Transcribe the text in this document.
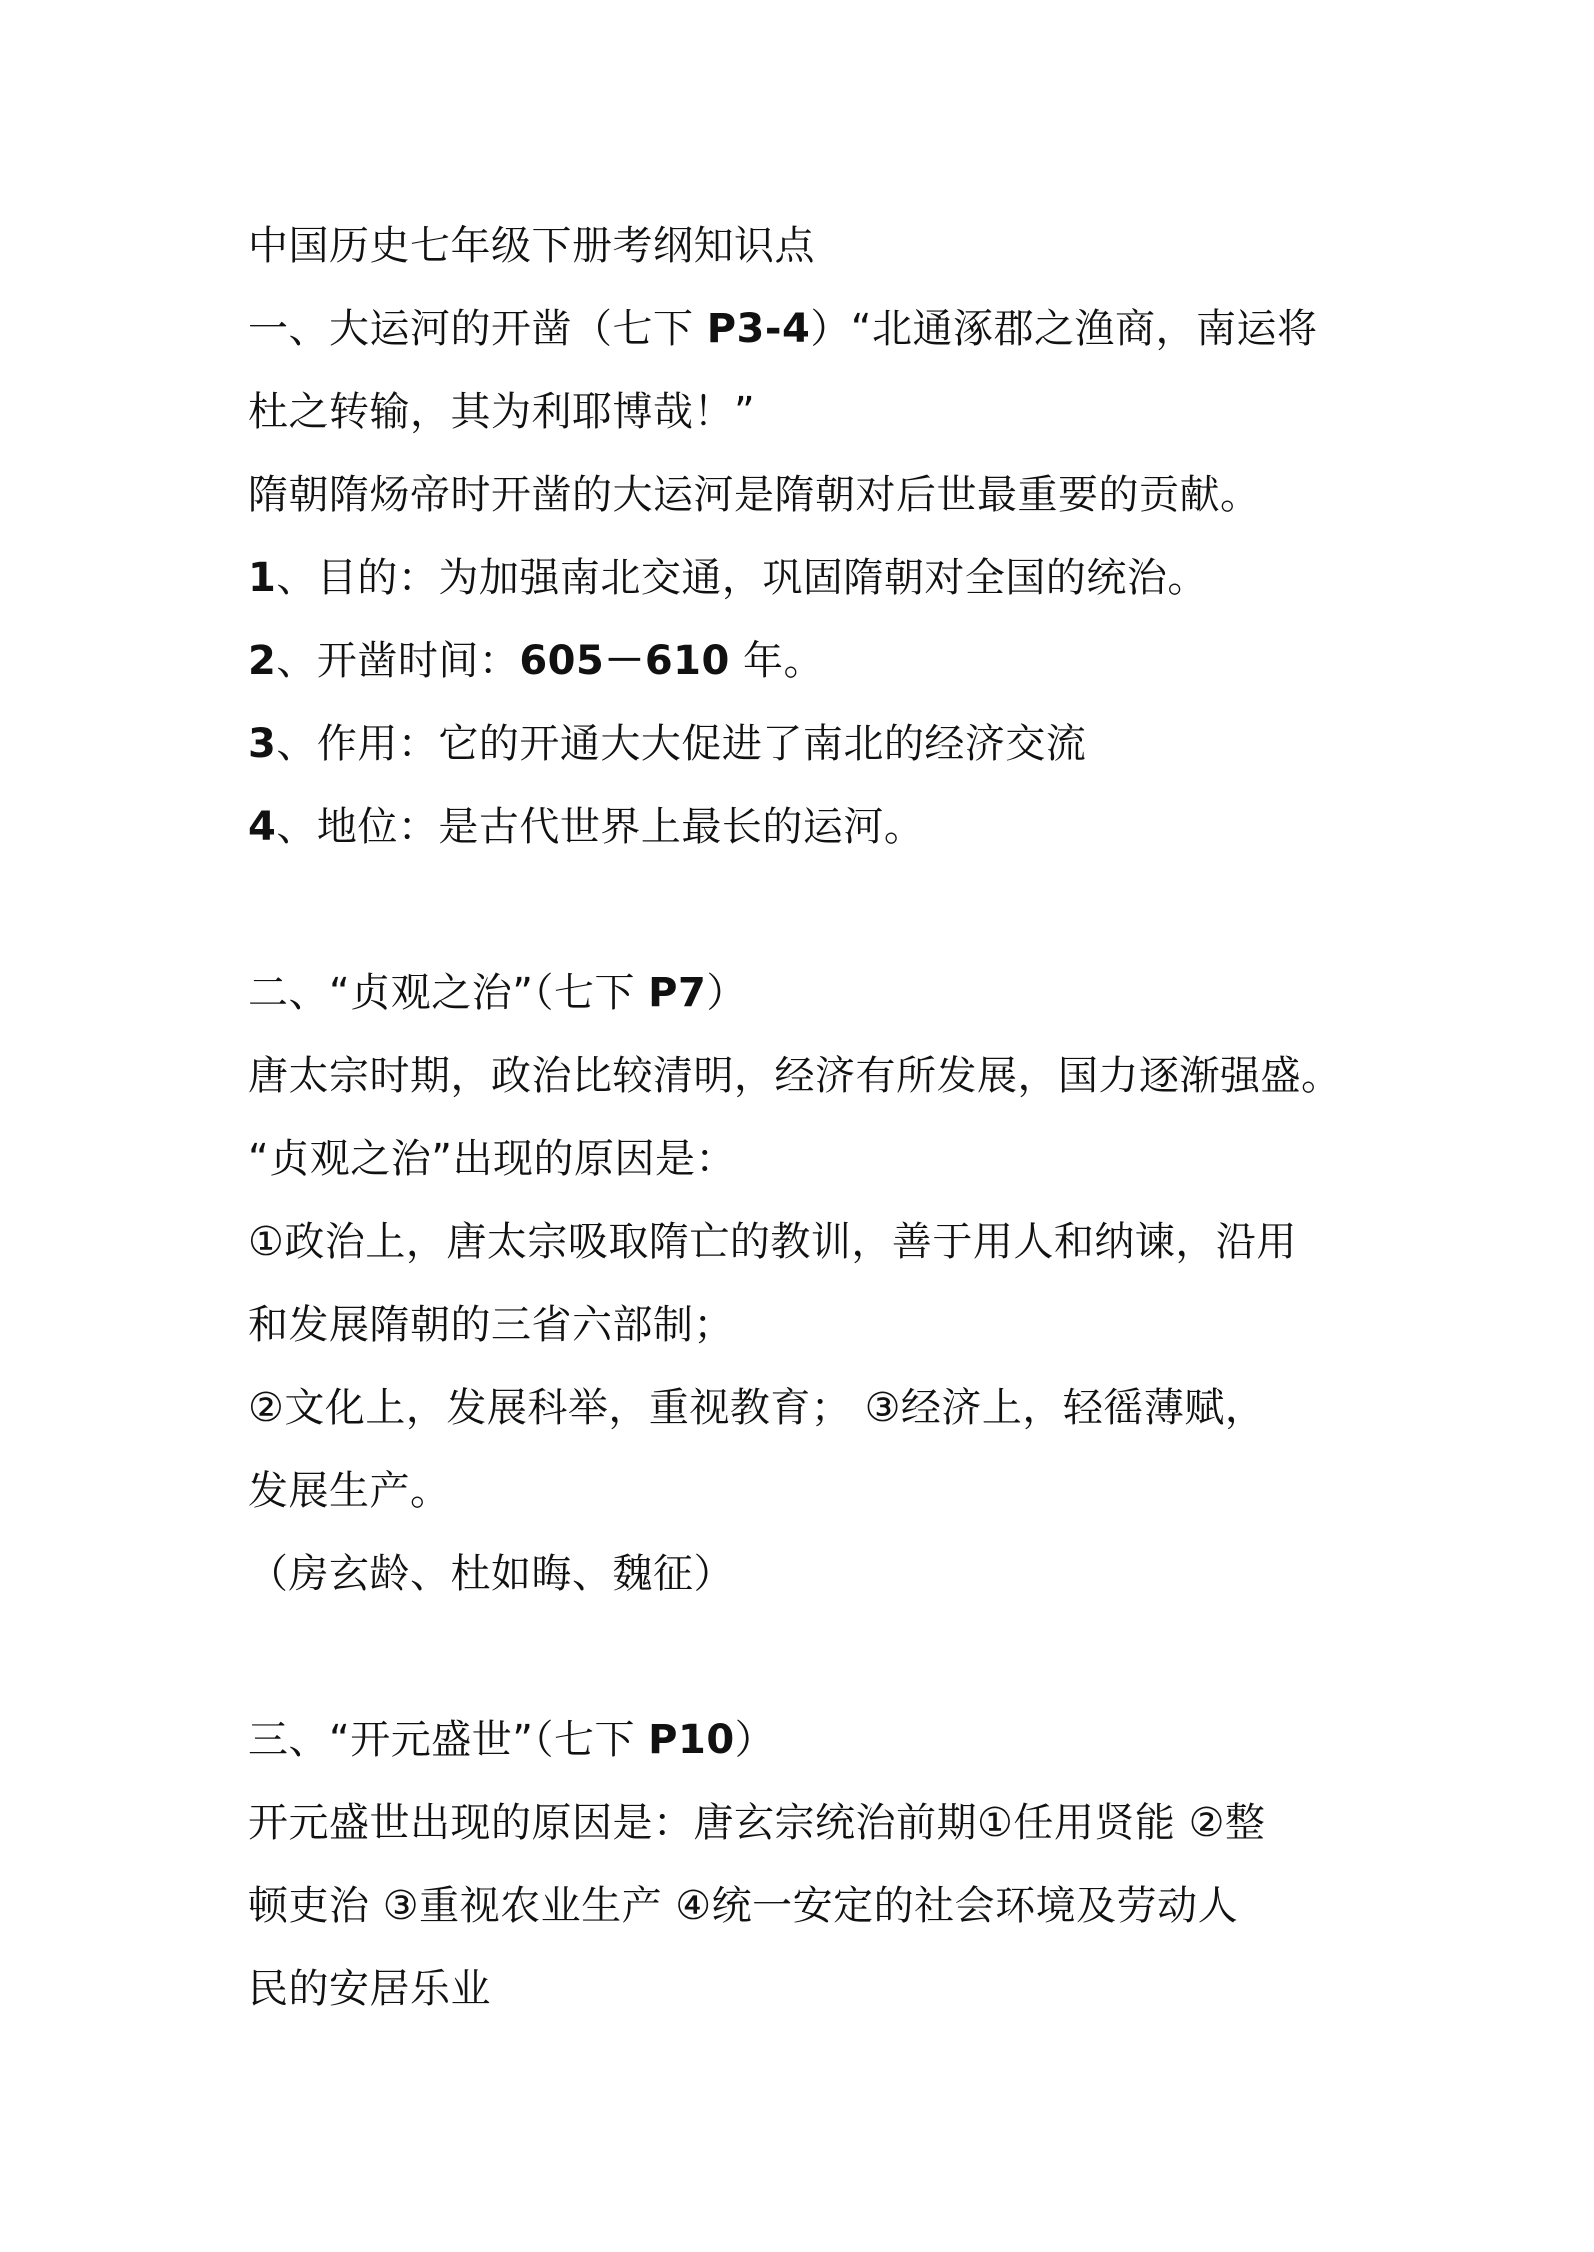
中国历史七年级下册考纲知识点
一、大运河的开凿（七下 P3-4）“北通涿郡之渔商，南运将
杜之转输，其为利耶博哉！”
隋朝隋炀帝时开凿的大运河是隋朝对后世最重要的贡献。
1、目的：为加强南北交通，巩固隋朝对全国的统治。
2、开凿时间：605－610 年。
3、作用：它的开通大大促进了南北的经济交流
4、地位：是古代世界上最长的运河。
二、“贞观之治”（七下 P7）
唐太宗时期，政治比较清明，经济有所发展，国力逐渐强盛。
“贞观之治”出现的原因是：
①政治上，唐太宗吸取隋亡的教训，善于用人和纳谏，沿用
和发展隋朝的三省六部制；
②文化上，发展科举，重视教育； ③经济上，轻徭薄赋，
发展生产。
（房玄龄、杜如晦、魏征）
三、“开元盛世”（七下 P10）
开元盛世出现的原因是：唐玄宗统治前期①任用贤能 ②整
顿吏治 ③重视农业生产 ④统一安定的社会环境及劳动人
民的安居乐业
